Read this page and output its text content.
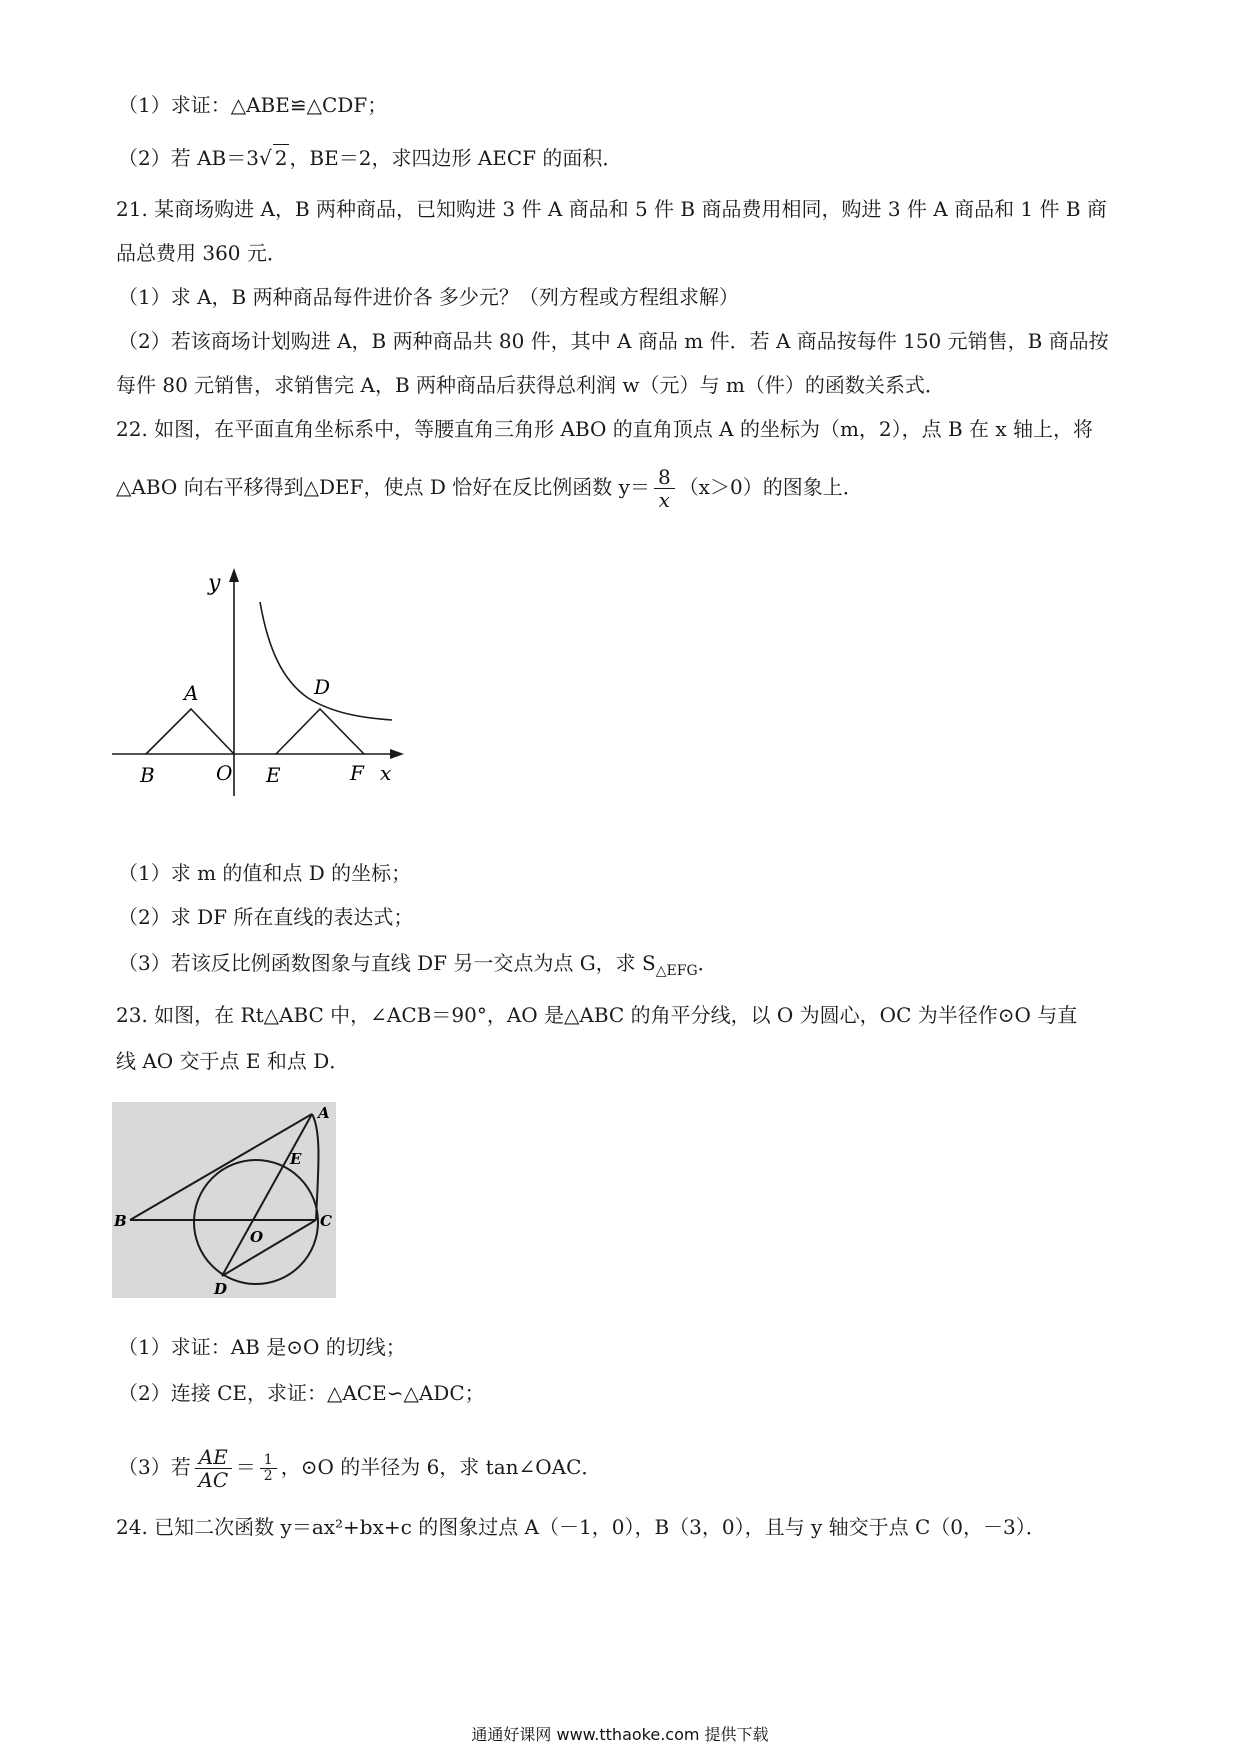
（1）求证：△ABE≌△CDF；
（2）若 AB＝3√ 2 ，BE＝2，求四边形 AECF 的面积．
21. 某商场购进 A，B 两种商品，已知购进 3 件 A 商品和 5 件 B 商品费用相同，购进 3 件 A 商品和 1 件 B 商
品总费用 360 元．
（1）求 A，B 两种商品每件进价各 多少元？（列方程或方程组求解）
（2）若该商场计划购进 A，B 两种商品共 80 件，其中 A 商品 m 件．若 A 商品按每件 150 元销售，B 商品按
每件 80 元销售，求销售完 A，B 两种商品后获得总利润 w（元）与 m（件）的函数关系式．
22. 如图，在平面直角坐标系中，等腰直角三角形 ABO 的直角顶点 A 的坐标为（m，2），点 B 在 x 轴上，将
△ABO 向右平移得到△DEF，使点 D 恰好在反比例函数 $y= \frac{8}{x} (x>0)$的图象上．
y
A	D
B	O E	F x
（1）求 m 的值和点 D 的坐标；
（2）求 DF 所在直线的表达式；
（3）若该反比例函数图象与直线 DF 另一交点为点 G，求 $S_{\triangle EFG}$．
23. 如图，在 Rt△ABC 中，∠ACB＝90°，AO 是△ABC 的角平分线，以 O 为圆心，OC 为半径作⊙O 与直
线 AO 交于点 E 和点 D．
A
E
B	C
O
D
（1）求证：AB 是⊙O 的切线；
（2）连接 CE，求证：△ACE∽△ADC；
（3）若 $\frac{AE}{AC} = \frac{1}{2}$ ，⊙O 的半径为 6，求 tan∠OAC．
24. 已知二次函数 y＝ax²+bx+c 的图象过点 A（－1，0），B（3，0），且与 y 轴交于点 C（0，－3）．
通通好课网 www.tthaoke.com 提供下载
